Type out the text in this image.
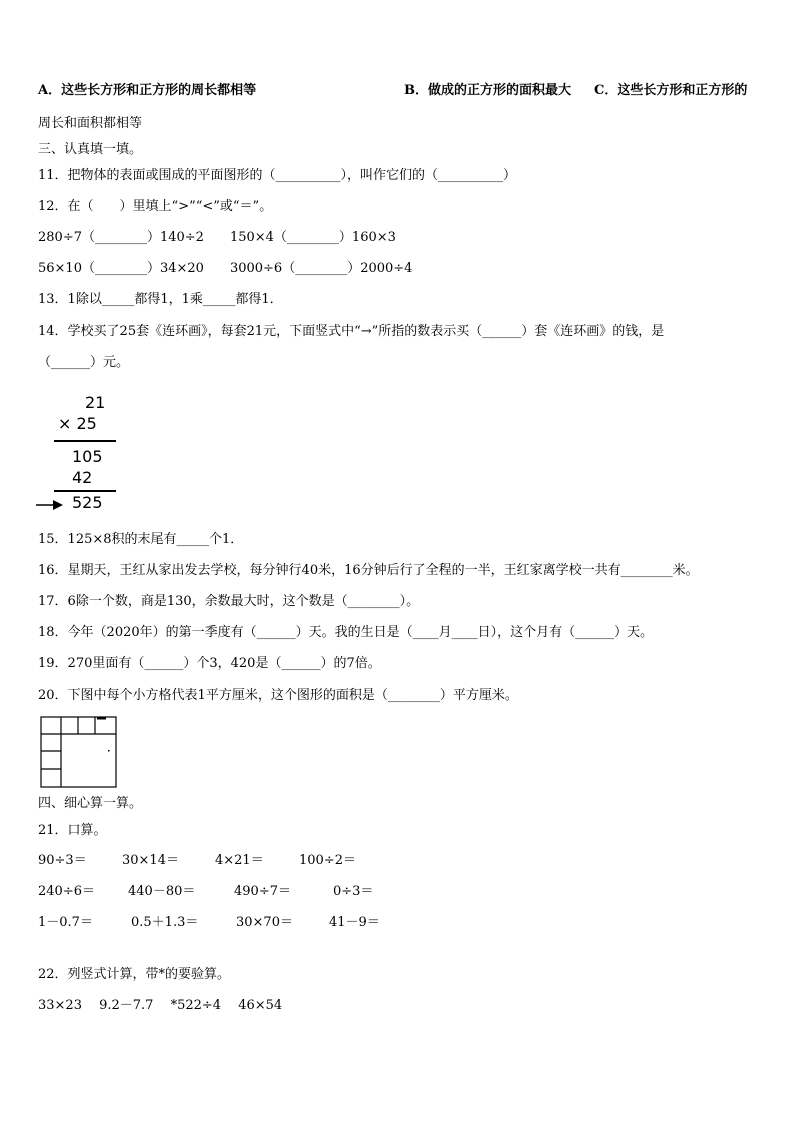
A．这些长方形和正方形的周长都相等	B．做成的正方形的面积最大 C．这些长方形和正方形的
周长和面积都相等
三、认真填一填。
11．把物体的表面或围成的平面图形的（__________），叫作它们的（__________）
12．在（　　）里填上“>”“<”或“＝”。
280÷7（________）140÷2　　150×4（________）160×3
56×10（________）34×20　　3000÷6（________）2000÷4
13．1除以_____都得1，1乘_____都得1．
14．学校买了25套《连环画》，每套21元，下面竖式中“→”所指的数表示买（______）套《连环画》的钱，是
（______）元。
21
× 25
105
42
525
15．125×8积的末尾有_____个1．
16．星期天，王红从家出发去学校，每分钟行40米，16分钟后行了全程的一半，王红家离学校一共有________米。
17．6除一个数，商是130，余数最大时，这个数是（________）。
18．今年（2020年）的第一季度有（______）天。我的生日是（____月____日），这个月有（______）天。
19．270里面有（______）个3，420是（______）的7倍。
20．下图中每个小方格代表1平方厘米，这个图形的面积是（________）平方厘米。
四、细心算一算。
21．口算。
90÷3＝	30×14＝	4×21＝	100÷2＝
240÷6＝	440－80＝	490÷7＝	0÷3＝
1－0.7＝	0.5＋1.3＝	30×70＝	41－9＝
22．列竖式计算，带*的要验算。
33×23　 9.2－7.7　 *522÷4　 46×54
